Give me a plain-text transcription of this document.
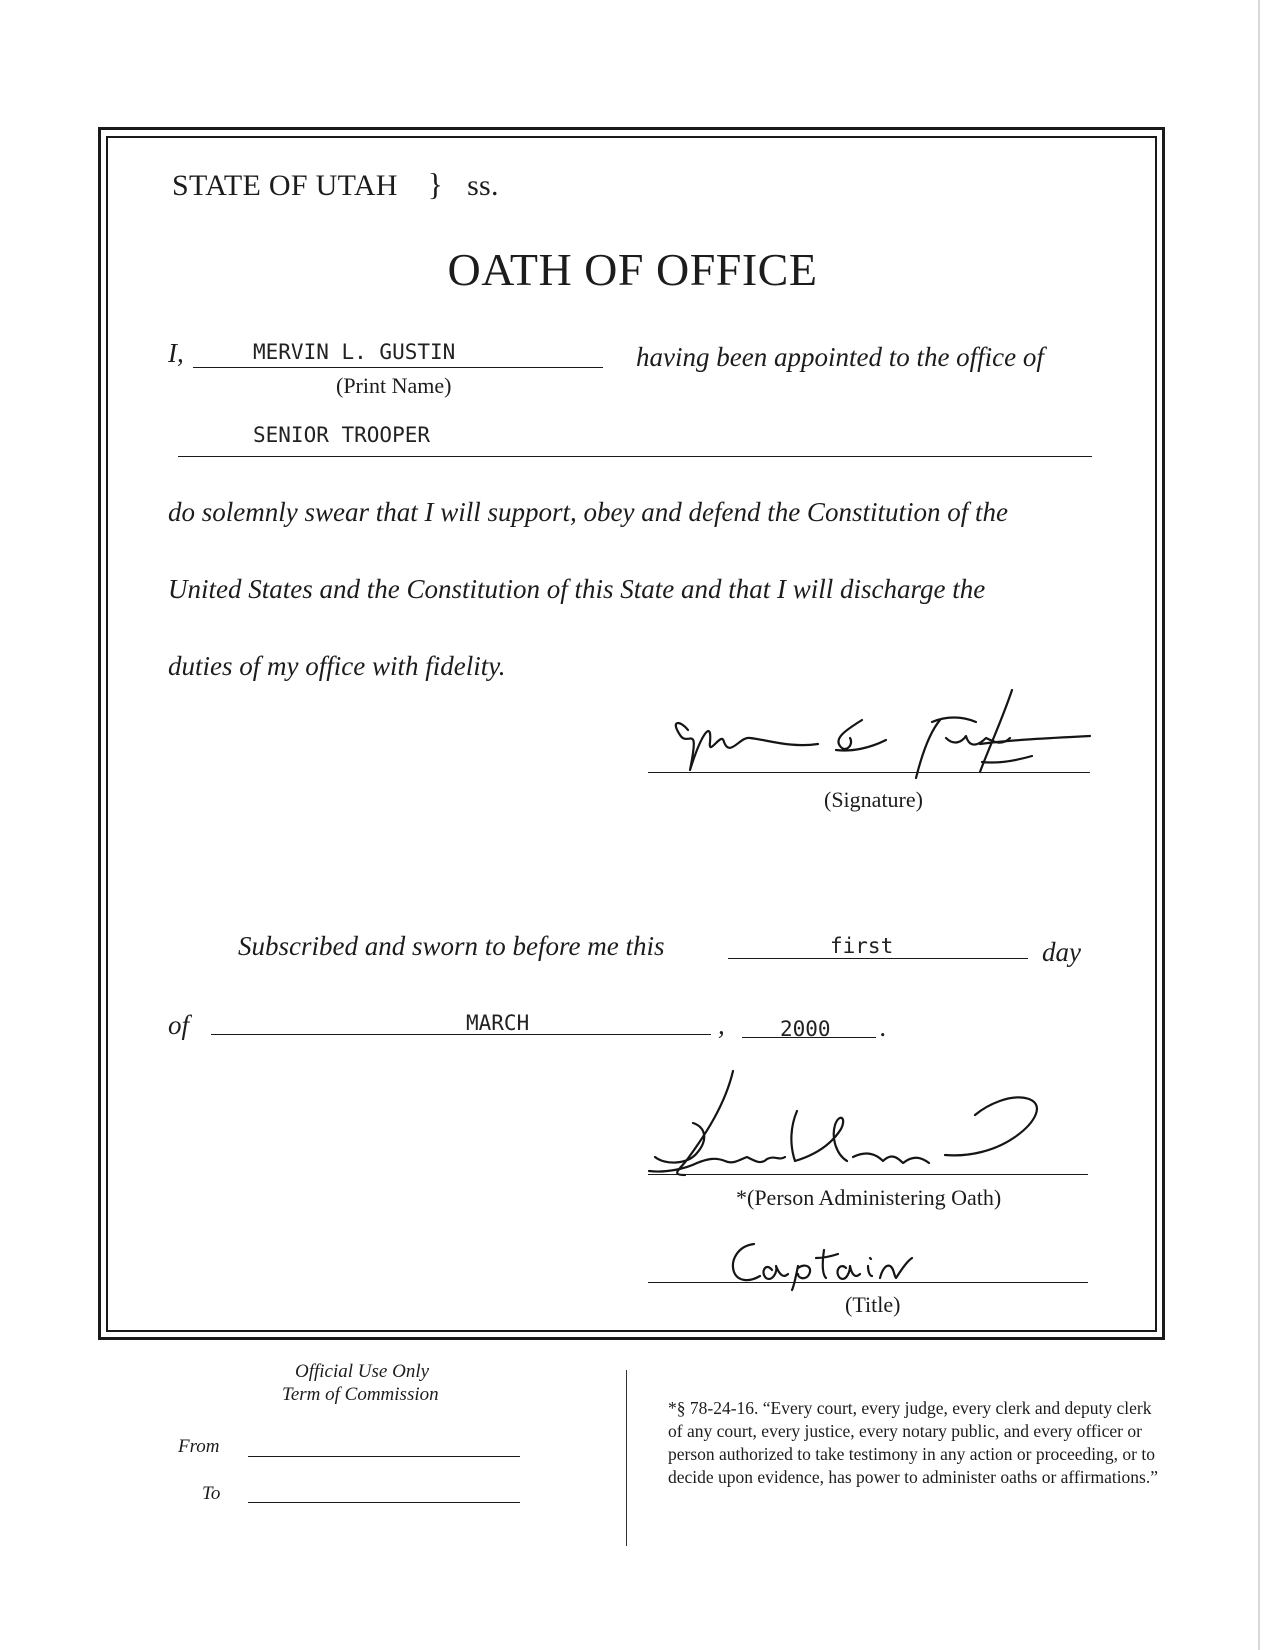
STATE OF UTAH } ss.
OATH OF OFFICE
I,	MERVIN L. GUSTIN
(Print Name)
having been appointed to the office of
SENIOR TROOPER
do solemnly swear that I will support, obey and defend the Constitution of the
United States and the Constitution of this State and that I will discharge the
duties of my office with fidelity.
(Signature)
Subscribed and sworn to before me this	first	day
of	MARCH	,	2000 .
*(Person Administering Oath)
(Title)
Official Use Only
Term of Commission
From
To
*§ 78-24-16. “Every court, every judge, every clerk and deputy clerk of any court, every justice, every notary public, and every officer or person authorized to take testimony in any action or proceeding, or to decide upon evidence, has power to administer oaths or affirmations.”
